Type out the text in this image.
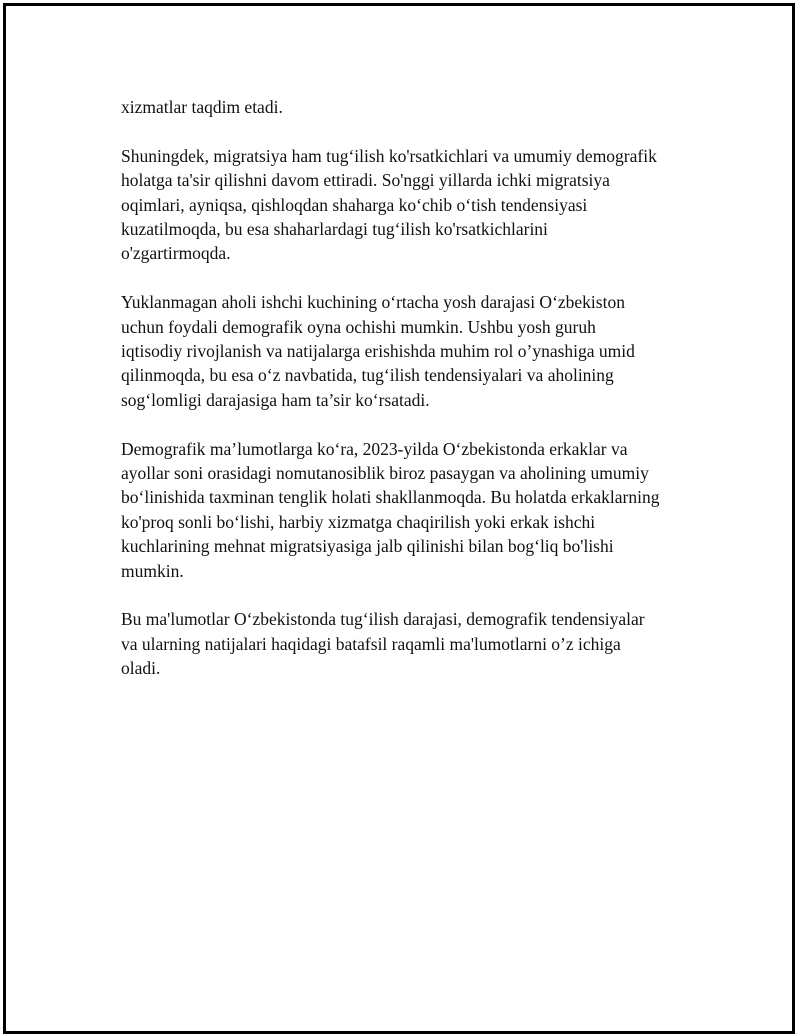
xizmatlar taqdim etadi.

Shuningdek, migratsiya ham tug‘ilish ko'rsatkichlari va umumiy demografik
holatga ta'sir qilishni davom ettiradi. So'nggi yillarda ichki migratsiya
oqimlari, ayniqsa, qishloqdan shaharga ko‘chib o‘tish tendensiyasi
kuzatilmoqda, bu esa shaharlardagi tug‘ilish ko'rsatkichlarini
o'zgartirmoqda.

Yuklanmagan aholi ishchi kuchining o‘rtacha yosh darajasi O‘zbekiston
uchun foydali demografik oyna ochishi mumkin. Ushbu yosh guruh
iqtisodiy rivojlanish va natijalarga erishishda muhim rol o’ynashiga umid
qilinmoqda, bu esa o‘z navbatida, tug‘ilish tendensiyalari va aholining
sog‘lomligi darajasiga ham ta’sir ko‘rsatadi.

Demografik ma’lumotlarga ko‘ra, 2023-yilda O‘zbekistonda erkaklar va
ayollar soni orasidagi nomutanosiblik biroz pasaygan va aholining umumiy
bo‘linishida taxminan tenglik holati shakllanmoqda. Bu holatda erkaklarning
ko'proq sonli bo‘lishi, harbiy xizmatga chaqirilish yoki erkak ishchi
kuchlarining mehnat migratsiyasiga jalb qilinishi bilan bog‘liq bo'lishi
mumkin.

Bu ma'lumotlar O‘zbekistonda tug‘ilish darajasi, demografik tendensiyalar
va ularning natijalari haqidagi batafsil raqamli ma'lumotlarni o’z ichiga
oladi.
